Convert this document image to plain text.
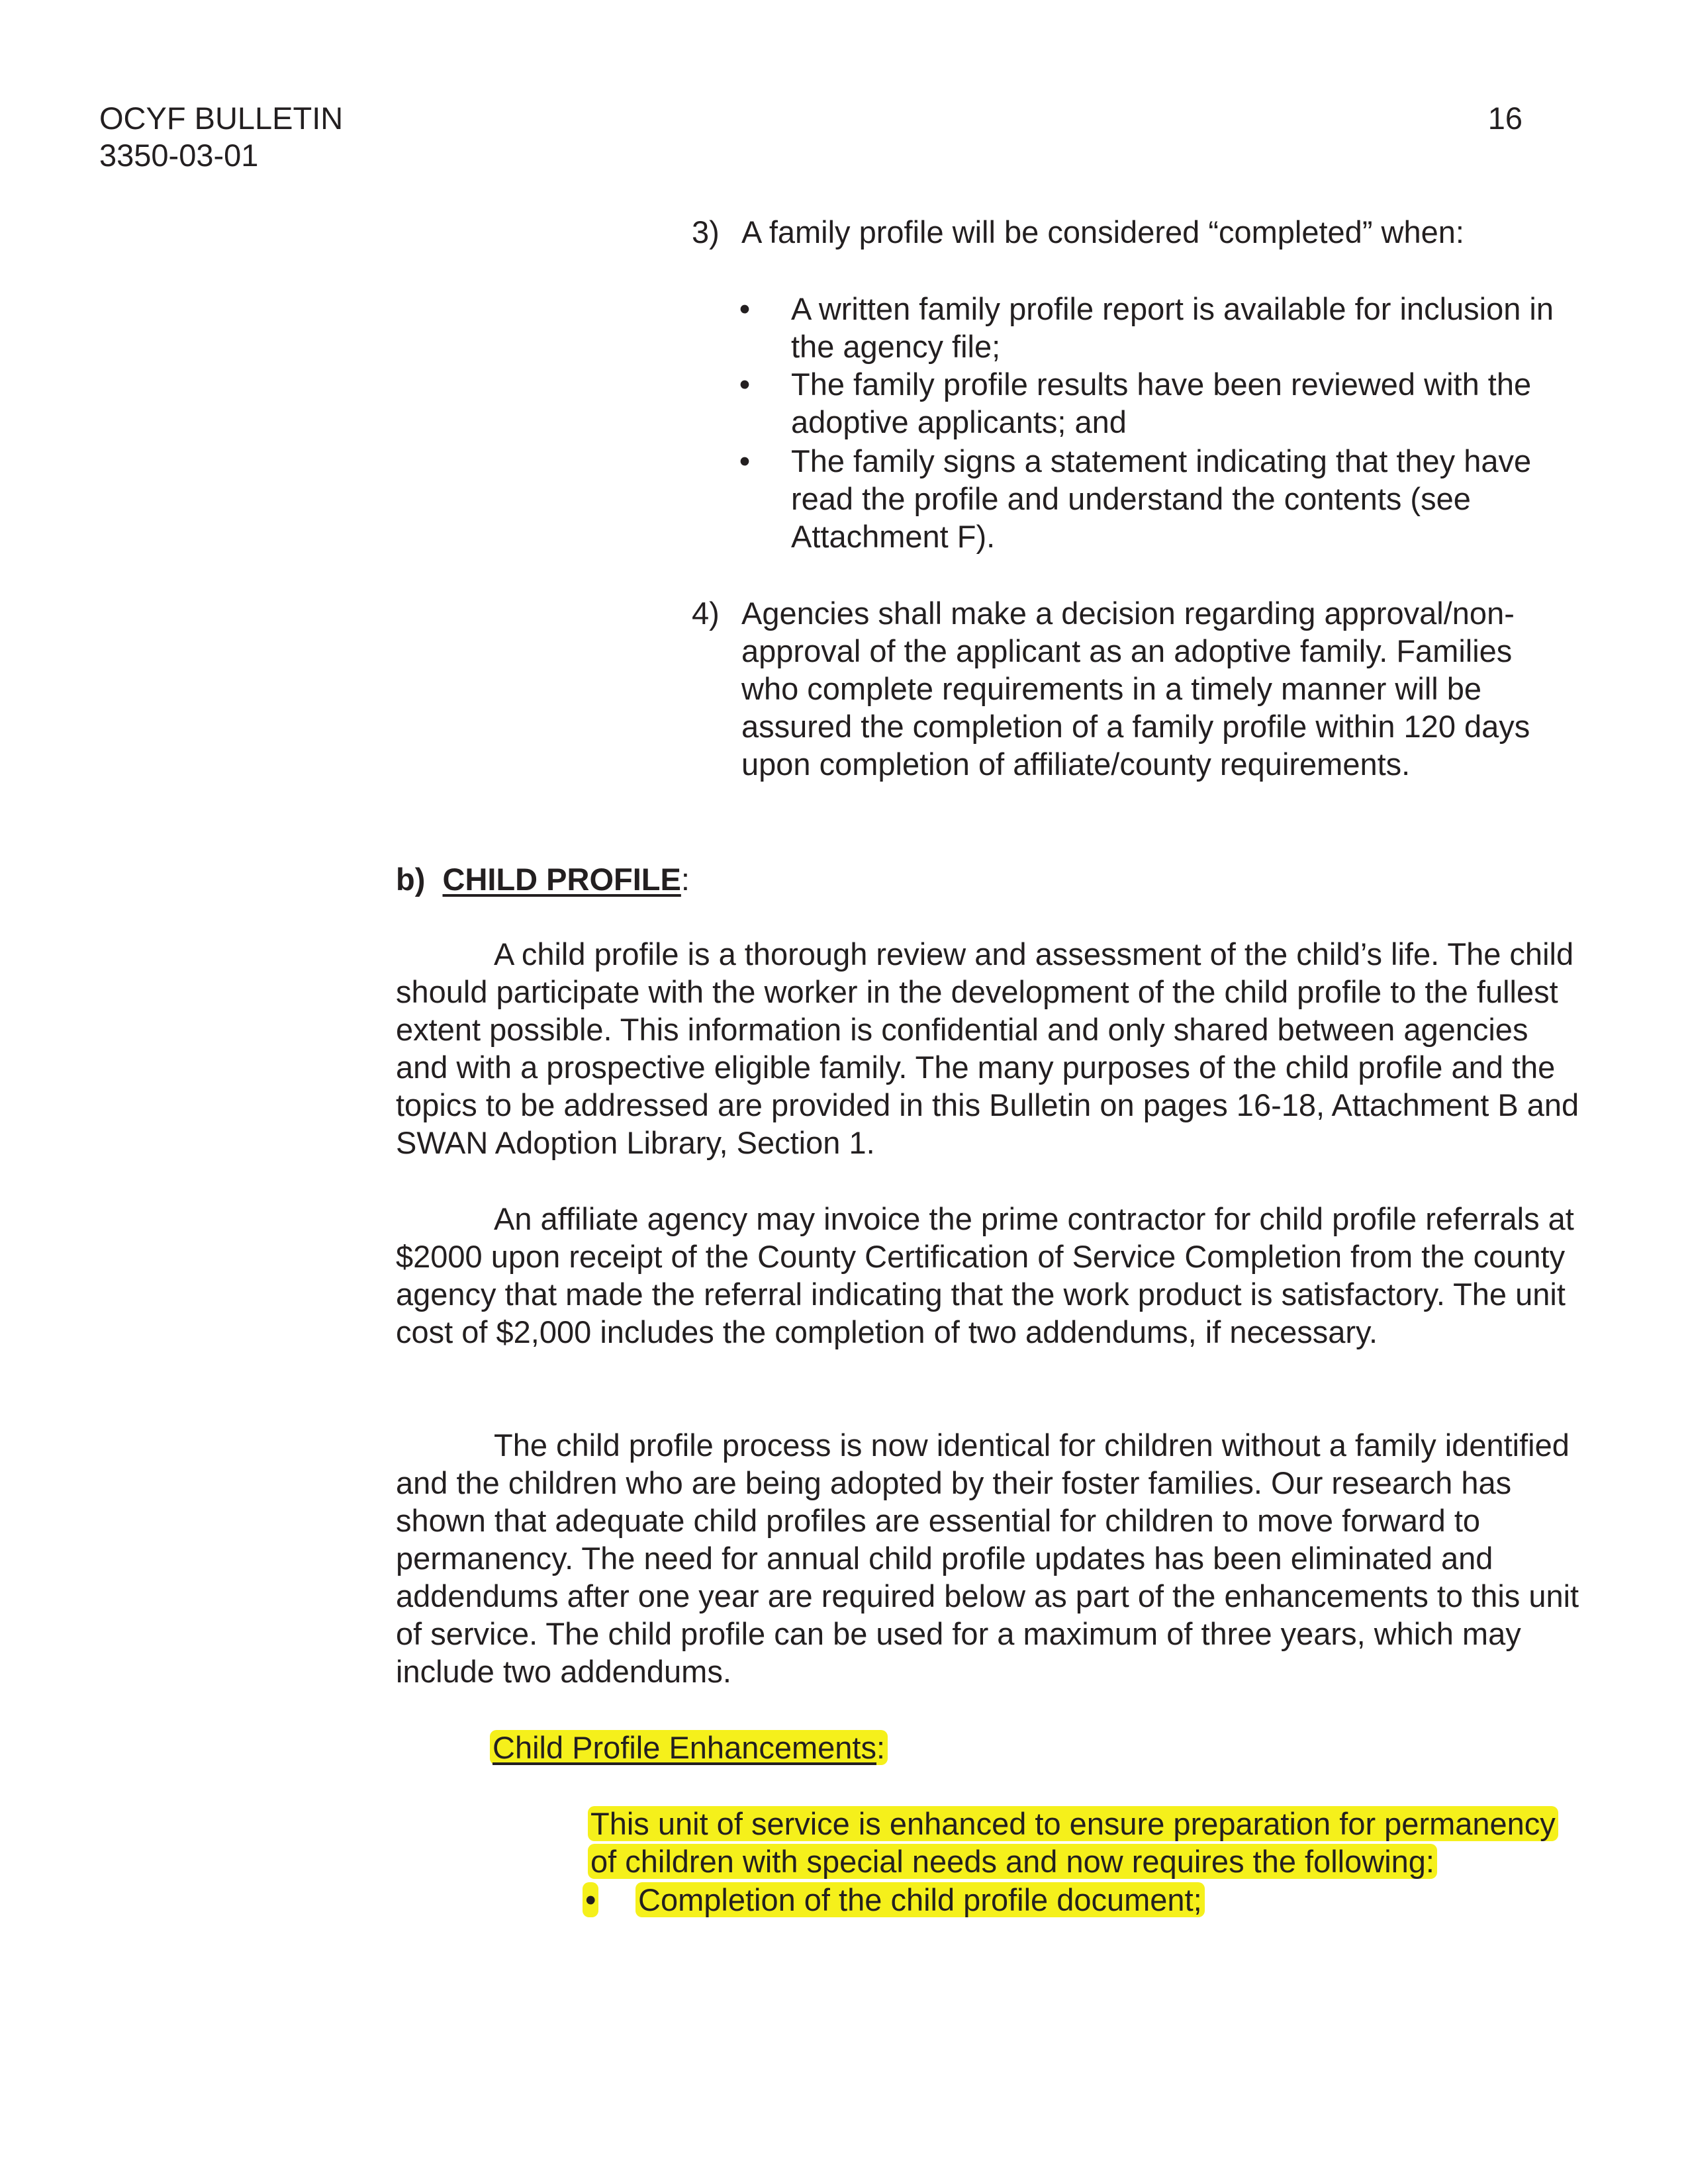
OCYF BULLETIN
3350-03-01
16
3) A family profile will be considered “completed” when:
• A written family profile report is available for inclusion in the agency file;
• The family profile results have been reviewed with the adoptive applicants; and
• The family signs a statement indicating that they have read the profile and understand the contents (see Attachment F).
4) Agencies shall make a decision regarding approval/non-approval of the applicant as an adoptive family. Families who complete requirements in a timely manner will be assured the completion of a family profile within 120 days upon completion of affiliate/county requirements.
b) CHILD PROFILE:
A child profile is a thorough review and assessment of the child’s life. The child should participate with the worker in the development of the child profile to the fullest extent possible. This information is confidential and only shared between agencies and with a prospective eligible family. The many purposes of the child profile and the topics to be addressed are provided in this Bulletin on pages 16-18, Attachment B and SWAN Adoption Library, Section 1.
An affiliate agency may invoice the prime contractor for child profile referrals at $2000 upon receipt of the County Certification of Service Completion from the county agency that made the referral indicating that the work product is satisfactory. The unit cost of $2,000 includes the completion of two addendums, if necessary.
The child profile process is now identical for children without a family identified and the children who are being adopted by their foster families. Our research has shown that adequate child profiles are essential for children to move forward to permanency. The need for annual child profile updates has been eliminated and addendums after one year are required below as part of the enhancements to this unit of service. The child profile can be used for a maximum of three years, which may include two addendums.
Child Profile Enhancements:
This unit of service is enhanced to ensure preparation for permanency of children with special needs and now requires the following:
• Completion of the child profile document;
